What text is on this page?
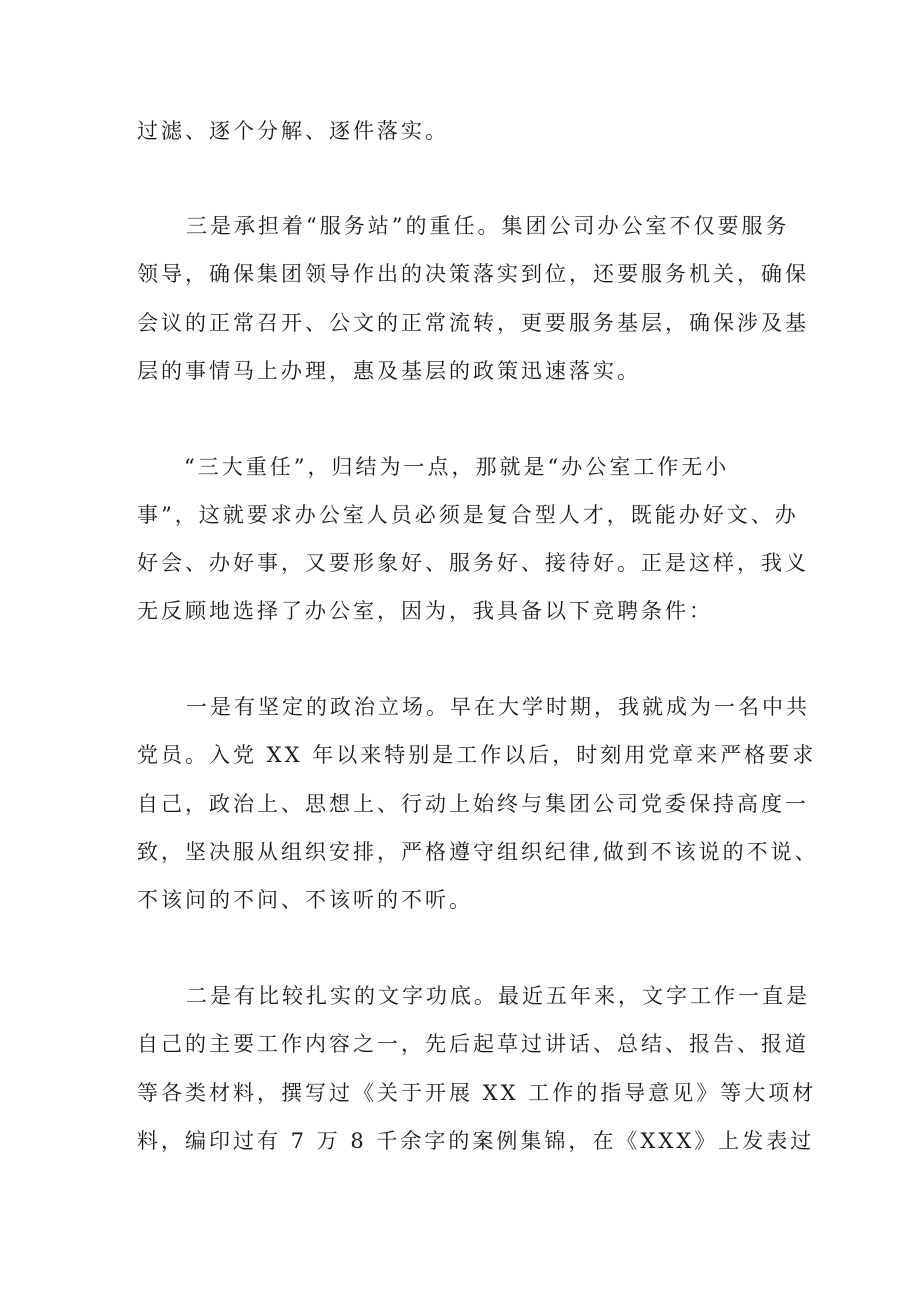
过滤、逐个分解、逐件落实。
三是承担着“服务站”的重任。集团公司办公室不仅要服务
领导，确保集团领导作出的决策落实到位，还要服务机关，确保
会议的正常召开、公文的正常流转，更要服务基层，确保涉及基
层的事情马上办理，惠及基层的政策迅速落实。
“三大重任”，归结为一点，那就是“办公室工作无小
事”，这就要求办公室人员必须是复合型人才，既能办好文、办
好会、办好事，又要形象好、服务好、接待好。正是这样，我义
无反顾地选择了办公室，因为，我具备以下竞聘条件：
一是有坚定的政治立场。早在大学时期，我就成为一名中共
党员。入党 XX 年以来特别是工作以后，时刻用党章来严格要求
自己，政治上、思想上、行动上始终与集团公司党委保持高度一
致，坚决服从组织安排，严格遵守组织纪律,做到不该说的不说、
不该问的不问、不该听的不听。
二是有比较扎实的文字功底。最近五年来，文字工作一直是
自己的主要工作内容之一，先后起草过讲话、总结、报告、报道
等各类材料，撰写过《关于开展 XX 工作的指导意见》等大项材
料，编印过有 7 万 8 千余字的案例集锦，在《XXX》上发表过
